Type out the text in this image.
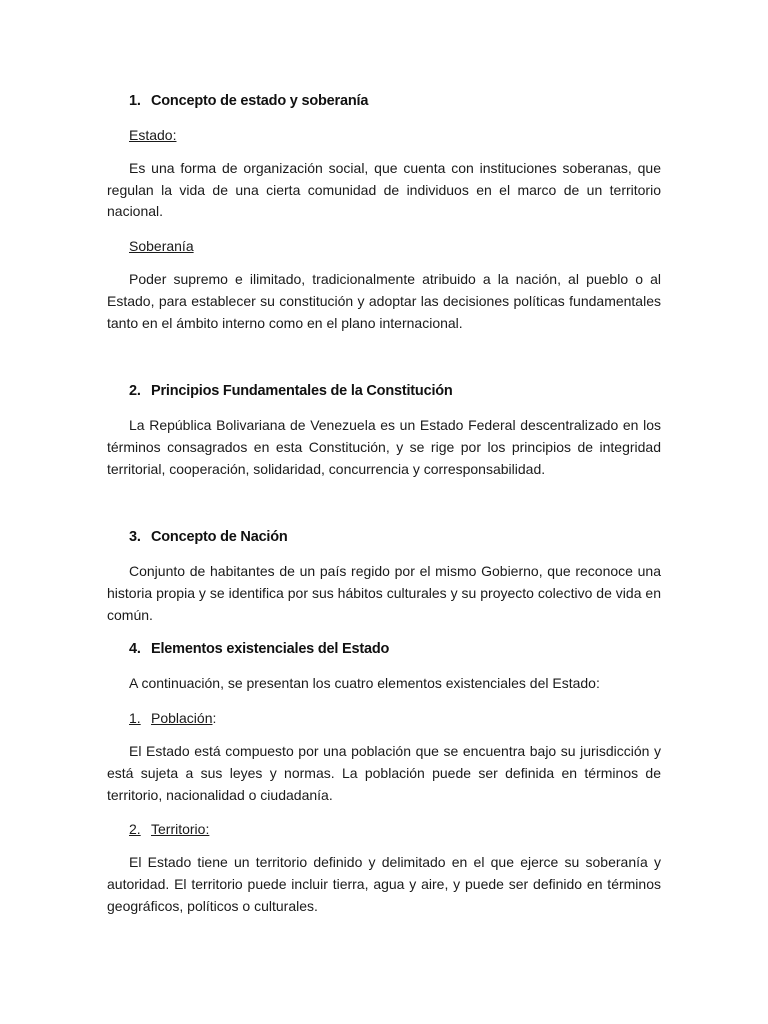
1. Concepto de estado y soberanía

Estado:

Es una forma de organización social, que cuenta con instituciones soberanas, que regulan la vida de una cierta comunidad de individuos en el marco de un territorio nacional.

Soberanía

Poder supremo e ilimitado, tradicionalmente atribuido a la nación, al pueblo o al Estado, para establecer su constitución y adoptar las decisiones políticas fundamentales tanto en el ámbito interno como en el plano internacional.

2. Principios Fundamentales de la Constitución

La República Bolivariana de Venezuela es un Estado Federal descentralizado en los términos consagrados en esta Constitución, y se rige por los principios de integridad territorial, cooperación, solidaridad, concurrencia y corresponsabilidad.

3. Concepto de Nación

Conjunto de habitantes de un país regido por el mismo Gobierno, que reconoce una historia propia y se identifica por sus hábitos culturales y su proyecto colectivo de vida en común.

4. Elementos existenciales del Estado

A continuación, se presentan los cuatro elementos existenciales del Estado:

1. Población:

El Estado está compuesto por una población que se encuentra bajo su jurisdicción y está sujeta a sus leyes y normas. La población puede ser definida en términos de territorio, nacionalidad o ciudadanía.

2. Territorio:

El Estado tiene un territorio definido y delimitado en el que ejerce su soberanía y autoridad. El territorio puede incluir tierra, agua y aire, y puede ser definido en términos geográficos, políticos o culturales.
